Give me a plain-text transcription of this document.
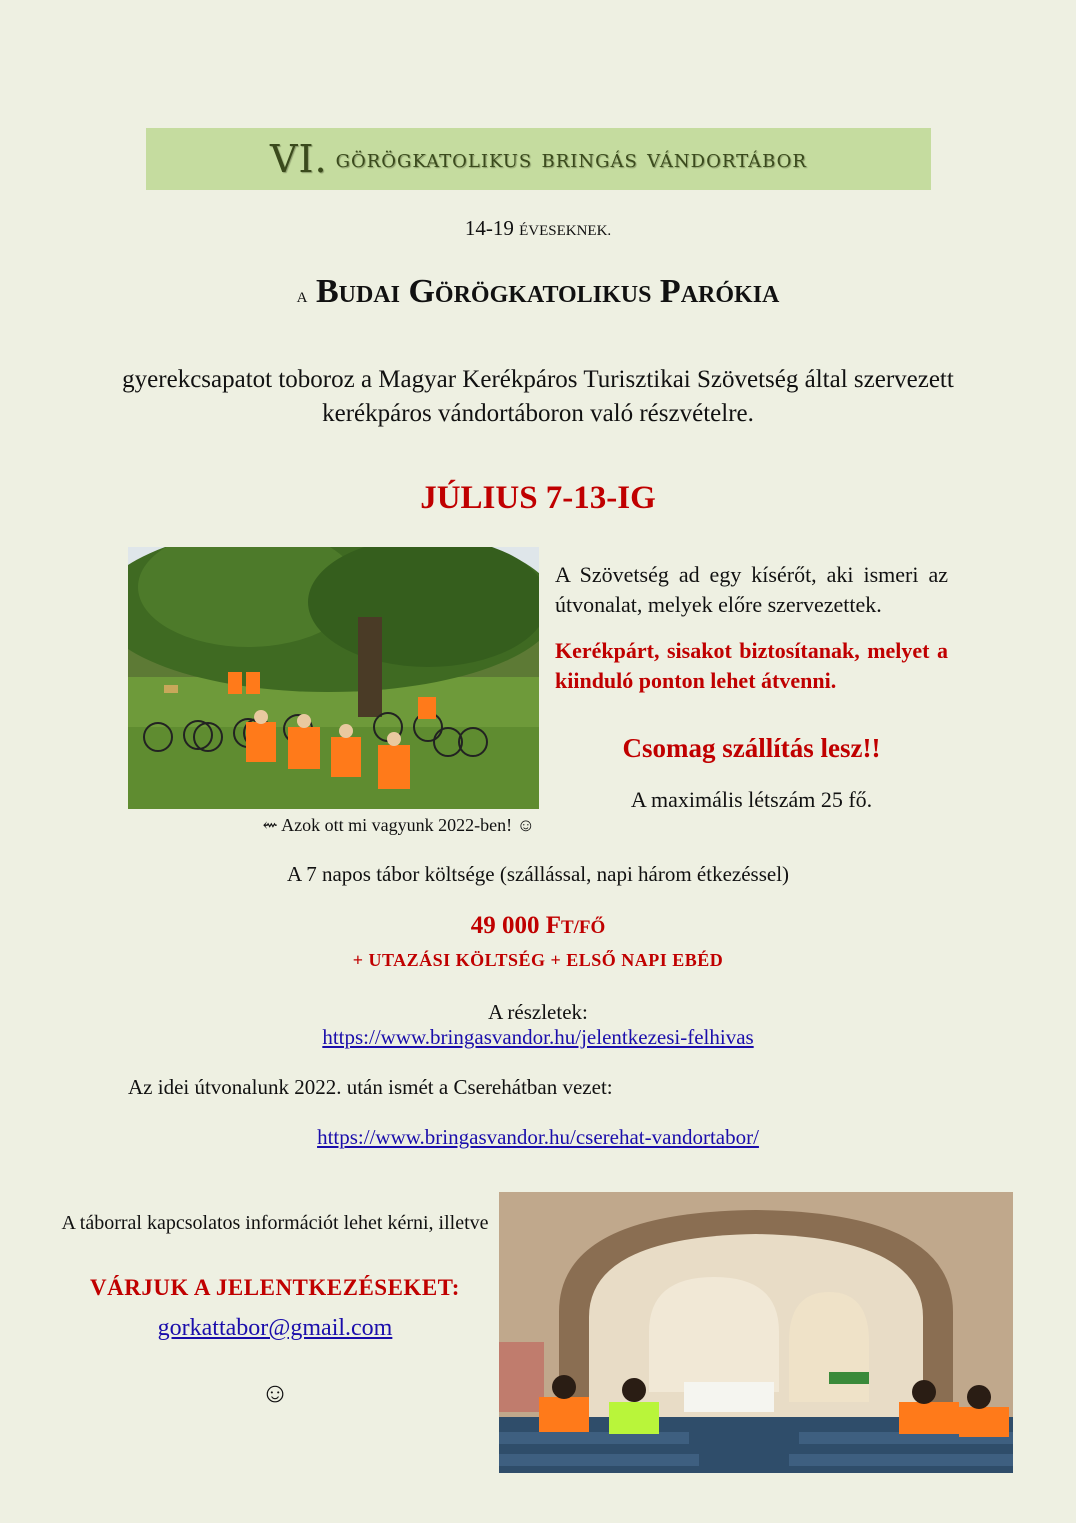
VI. görögkatolikus bringás vándortábor
14-19 ÉVESEKNEK.
a Budai Görögkatolikus Parókia
gyerekcsapatot toboroz a Magyar Kerékpáros Turisztikai Szövetség által szervezett kerékpáros vándortáboron való részvételre.
JÚLIUS 7-13-IG
⇜ Azok ott mi vagyunk 2022-ben! ☺
A Szövetség ad egy kísérőt, aki ismeri az útvonalat, melyek előre szervezettek.
Kerékpárt, sisakot biztosítanak, melyet a kiinduló ponton lehet átvenni.
Csomag szállítás lesz!!
A maximális létszám 25 fő.
A 7 napos tábor költsége (szállással, napi három étkezéssel)
49 000 FT/FŐ
+ UTAZÁSI KÖLTSÉG + ELSŐ NAPI EBÉD
A részletek:
https://www.bringasvandor.hu/jelentkezesi-felhivas
Az idei útvonalunk 2022. után ismét a Cserehátban vezet:
https://www.bringasvandor.hu/cserehat-vandortabor/
A táborral kapcsolatos információt lehet kérni, illetve
VÁRJUK A JELENTKEZÉSEKET:
gorkattabor@gmail.com
☺
